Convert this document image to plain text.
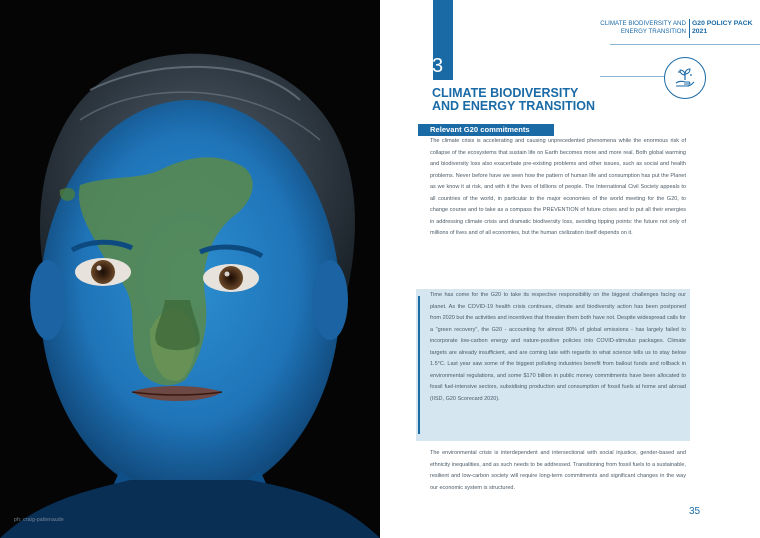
ph: craig-pattenaude
3
CLIMATE BIODIVERSITY AND
ENERGY TRANSITION
G20 POLICY PACK
2021
CLIMATE BIODIVERSITY
AND ENERGY TRANSITION
Relevant G20 commitments
The climate crisis is accelerating and causing unprecedented phenomena while the enormous risk of collapse of the ecosystems that sustain life on Earth becomes more and more real. Both global warming and biodiversity loss also exacerbate pre-existing problems and other issues, such as social and health problems. Never before have we seen how the pattern of human life and consumption has put the Planet as we know it at risk, and with it the lives of billions of people. The International Civil Society appeals to all countries of the world, in particular to the major economies of the world meeting for the G20, to change course and to take as a compass the PREVENTION of future crises and to put all their energies in addressing climate crisis and dramatic biodiversity loss, avoiding tipping points: the future not only of millions of lives and of all economies, but the human civilization itself depends on it.
Time has come for the G20 to take its respective responsibility on the biggest challenges facing our planet. As the COVID-19 health crisis continues, climate and biodiversity action has been postponed from 2020 but the activities and incentives that threaten them both have not. Despite widespread calls for a "green recovery", the G20 - accounting for almost 80% of global emissions - has largely failed to incorporate low-carbon energy and nature-positive policies into COVID-stimulus packages. Climate targets are already insufficient, and are coming late with regards to what science tells us to stay below 1.5°C. Last year saw some of the biggest polluting industries benefit from bailout funds and rollback in environmental regulations, and some $170 billion in public money commitments have been allocated to fossil fuel-intensive sectors, subsidising production and consumption of fossil fuels at home and abroad (IISD, G20 Scorecard 2020).
The environmental crisis is interdependent and intersectional with social injustice, gender-based and ethnicity inequalities, and as such needs to be addressed. Transitioning from fossil fuels to a sustainable, resilient and low-carbon society will require long-term commitments and significant changes in the way our economic system is structured.
35
